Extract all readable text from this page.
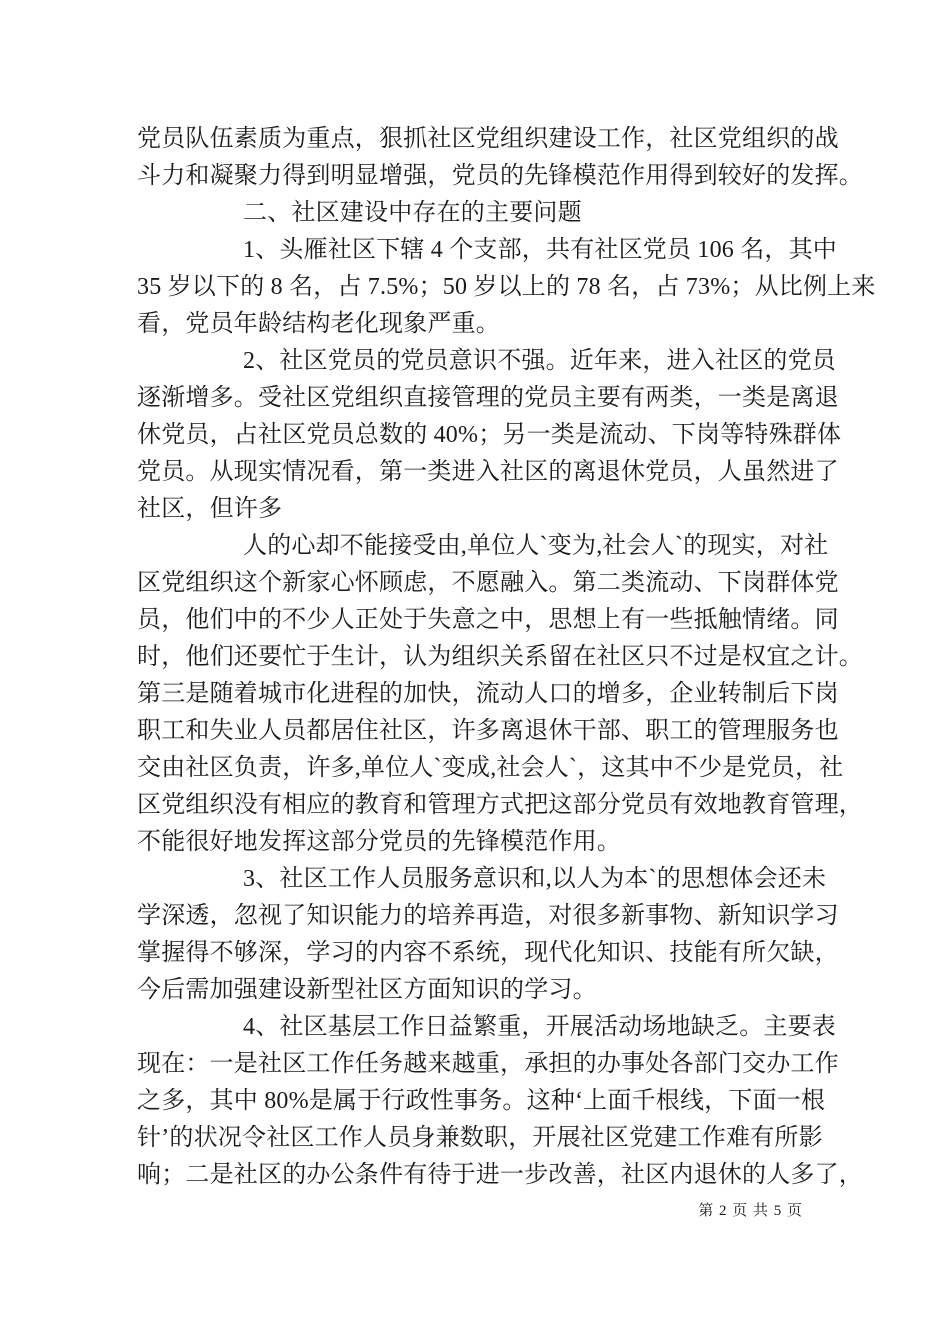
党员队伍素质为重点，狠抓社区党组织建设工作，社区党组织的战
斗力和凝聚力得到明显增强，党员的先锋模范作用得到较好的发挥。
二、社区建设中存在的主要问题
1、头雁社区下辖 4 个支部，共有社区党员 106 名，其中
35 岁以下的 8 名，占 7.5%；50 岁以上的 78 名，占 73%；从比例上来
看，党员年龄结构老化现象严重。
2、社区党员的党员意识不强。近年来，进入社区的党员
逐渐增多。受社区党组织直接管理的党员主要有两类，一类是离退
休党员，占社区党员总数的 40%；另一类是流动、下岗等特殊群体
党员。从现实情况看，第一类进入社区的离退休党员，人虽然进了
社区，但许多
人的心却不能接受由,单位人`变为,社会人`的现实，对社
区党组织这个新家心怀顾虑，不愿融入。第二类流动、下岗群体党
员，他们中的不少人正处于失意之中，思想上有一些抵触情绪。同
时，他们还要忙于生计，认为组织关系留在社区只不过是权宜之计。
第三是随着城市化进程的加快，流动人口的增多，企业转制后下岗
职工和失业人员都居住社区，许多离退休干部、职工的管理服务也
交由社区负责，许多,单位人`变成,社会人`，这其中不少是党员，社
区党组织没有相应的教育和管理方式把这部分党员有效地教育管理，
不能很好地发挥这部分党员的先锋模范作用。
3、社区工作人员服务意识和,以人为本`的思想体会还未
学深透，忽视了知识能力的培养再造，对很多新事物、新知识学习
掌握得不够深，学习的内容不系统，现代化知识、技能有所欠缺，
今后需加强建设新型社区方面知识的学习。
4、社区基层工作日益繁重，开展活动场地缺乏。主要表
现在：一是社区工作任务越来越重，承担的办事处各部门交办工作
之多，其中 80%是属于行政性事务。这种‘上面千根线，下面一根
针’的状况令社区工作人员身兼数职，开展社区党建工作难有所影
响；二是社区的办公条件有待于进一步改善，社区内退休的人多了，
第 2 页 共 5 页
